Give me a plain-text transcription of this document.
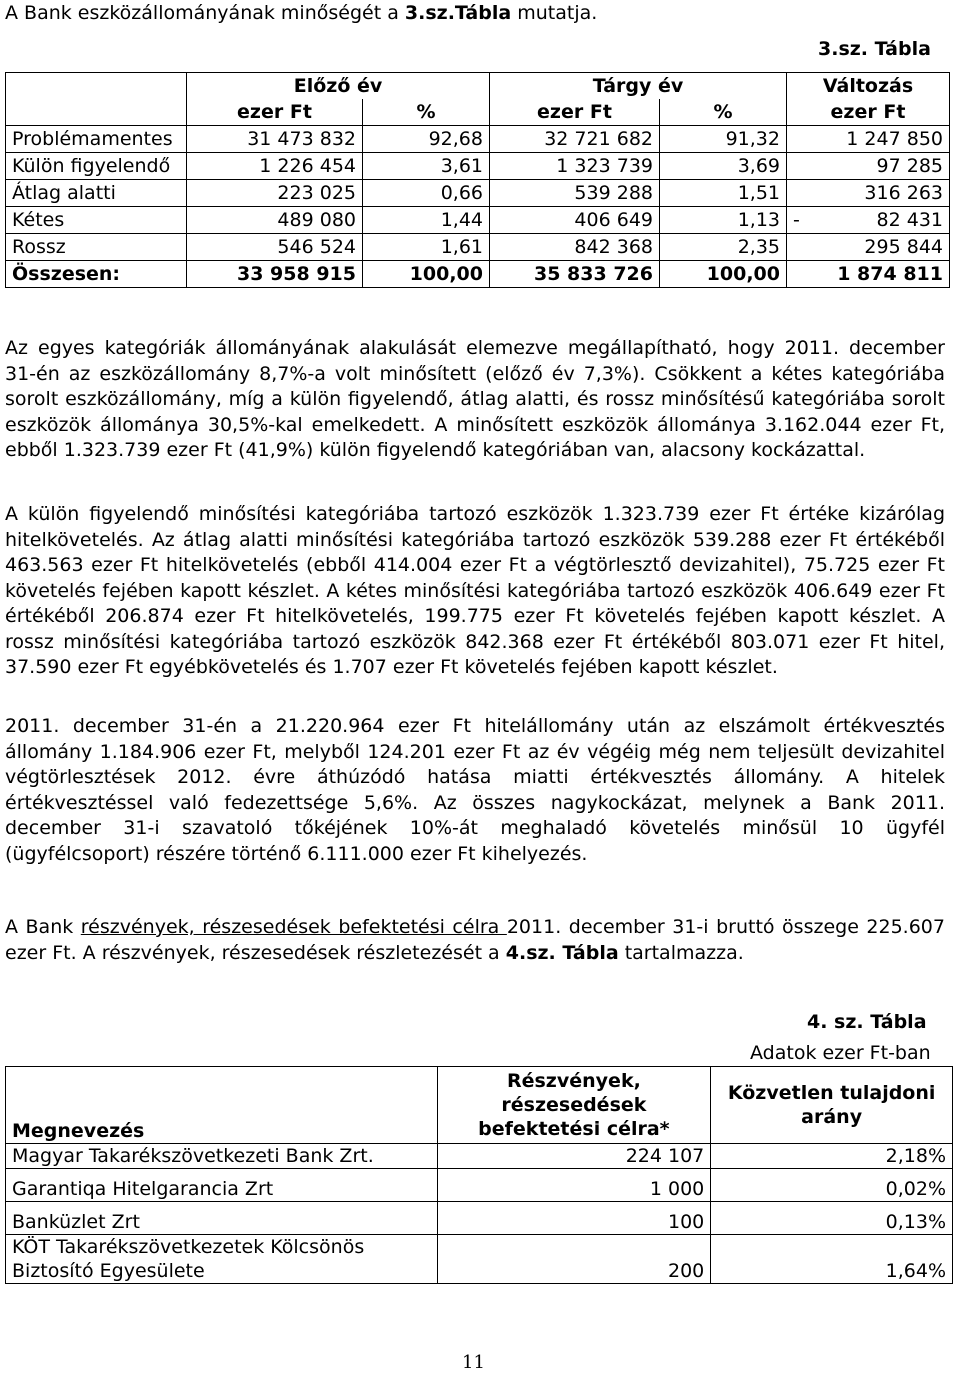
A Bank eszközállományának minőségét a 3.sz.Tábla mutatja.
3.sz. Tábla
	Előző év		Tárgy év		Változás
	ezer Ft	%	ezer Ft	%	ezer Ft
Problémamentes	31 473 832	92,68	32 721 682	91,32	1 247 850
Külön figyelendő	1 226 454	3,61	1 323 739	3,69	97 285
Átlag alatti	223 025	0,66	539 288	1,51	316 263
Kétes	489 080	1,44	406 649	1,13	- 82 431
Rossz	546 524	1,61	842 368	2,35	295 844
Összesen:	33 958 915	100,00	35 833 726	100,00	1 874 811
Az egyes kategóriák állományának alakulását elemezve megállapítható, hogy 2011. december 31-én az eszközállomány 8,7%-a volt minősített (előző év 7,3%). Csökkent a kétes kategóriába sorolt eszközállomány, míg a külön figyelendő, átlag alatti, és rossz minősítésű kategóriába sorolt eszközök állománya 30,5%-kal emelkedett. A minősített eszközök állománya 3.162.044 ezer Ft, ebből 1.323.739 ezer Ft (41,9%) külön figyelendő kategóriában van, alacsony kockázattal.
A külön figyelendő minősítési kategóriába tartozó eszközök 1.323.739 ezer Ft értéke kizárólag hitelkövetelés. Az átlag alatti minősítési kategóriába tartozó eszközök 539.288 ezer Ft értékéből 463.563 ezer Ft hitelkövetelés (ebből 414.004 ezer Ft a végtörlesztő devizahitel), 75.725 ezer Ft követelés fejében kapott készlet. A kétes minősítési kategóriába tartozó eszközök 406.649 ezer Ft értékéből 206.874 ezer Ft hitelkövetelés, 199.775 ezer Ft követelés fejében kapott készlet. A rossz minősítési kategóriába tartozó eszközök 842.368 ezer Ft értékéből 803.071 ezer Ft hitel, 37.590 ezer Ft egyébkövetelés és 1.707 ezer Ft követelés fejében kapott készlet.
2011. december 31-én a 21.220.964 ezer Ft hitelállomány után az elszámolt értékvesztés állomány 1.184.906 ezer Ft, melyből 124.201 ezer Ft az év végéig még nem teljesült devizahitel végtörlesztések 2012. évre áthúzódó hatása miatti értékvesztés állomány. A hitelek értékvesztéssel való fedezettsége 5,6%. Az összes nagykockázat, melynek a Bank 2011. december 31-i szavatoló tőkéjének 10%-át meghaladó követelés minősül 10 ügyfél (ügyfélcsoport) részére történő 6.111.000 ezer Ft kihelyezés.
A Bank részvények, részesedések befektetési célra 2011. december 31-i bruttó összege 225.607 ezer Ft. A részvények, részesedések részletezését a 4.sz. Tábla tartalmazza.
4. sz. Tábla
Adatok ezer Ft-ban
Megnevezés	Részvények, részesedések befektetési célra*	Közvetlen tulajdoni arány
Magyar Takarékszövetkezeti Bank Zrt.	224 107	2,18%
Garantiqa Hitelgarancia Zrt	1 000	0,02%
Banküzlet Zrt	100	0,13%
KÖT Takarékszövetkezetek Kölcsönös Biztosító Egyesülete	200	1,64%
11
